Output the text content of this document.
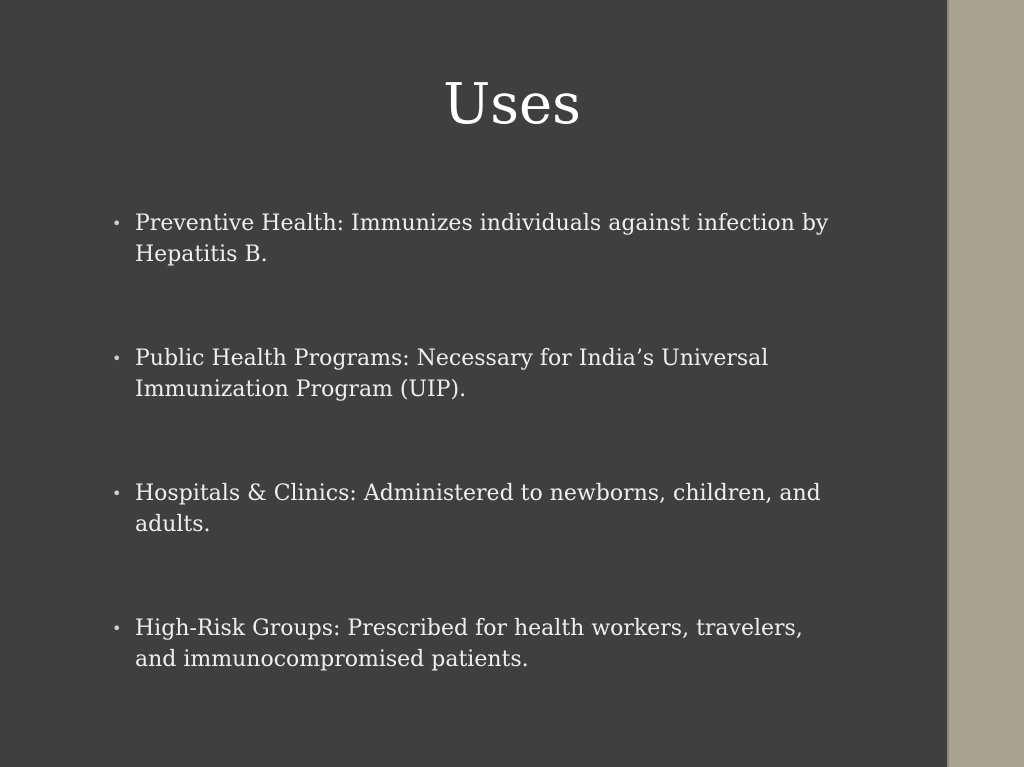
Uses
• Preventive Health: Immunizes individuals against infection by Hepatitis B.
• Public Health Programs: Necessary for India’s Universal Immunization Program (UIP).
• Hospitals & Clinics: Administered to newborns, children, and adults.
• High-Risk Groups: Prescribed for health workers, travelers, and immunocompromised patients.
